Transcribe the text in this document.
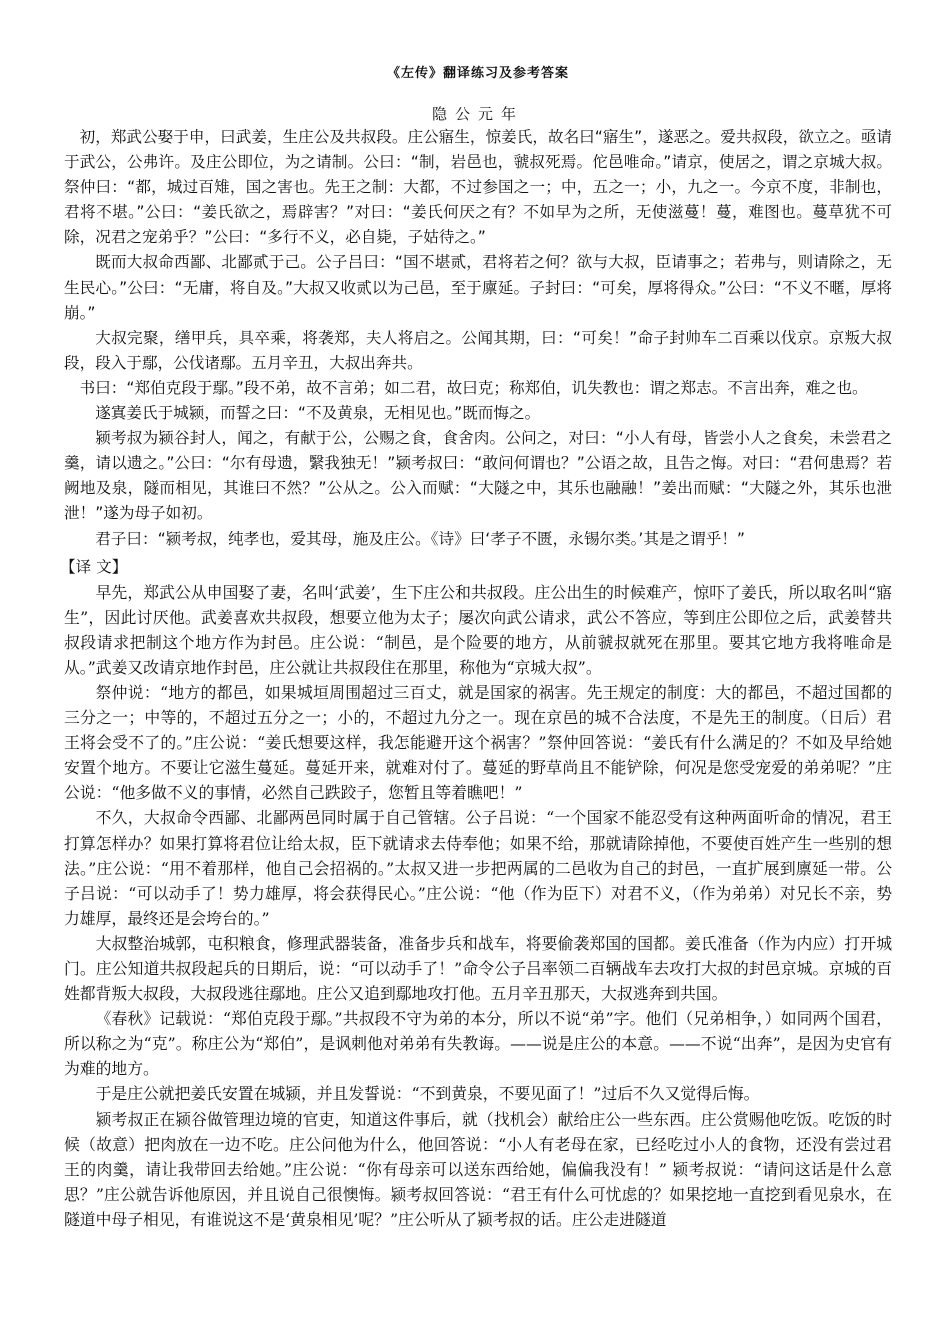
《左传》翻译练习及参考答案
隐公元年

初，郑武公娶于申，曰武姜，生庄公及共叔段。庄公寤生，惊姜氏，故名曰“寤生”，遂恶之。爱共叔段，欲立之。亟请于武公，公弗许。及庄公即位，为之请制。公曰：“制，岩邑也，虢叔死焉。佗邑唯命。”请京，使居之，谓之京城大叔。祭仲曰：“都，城过百雉，国之害也。先王之制：大都，不过参国之一；中，五之一；小，九之一。今京不度，非制也，君将不堪。”公曰：“姜氏欲之，焉辟害？”对曰：“姜氏何厌之有？不如早为之所，无使滋蔓！蔓，难图也。蔓草犹不可除，况君之宠弟乎？”公曰：“多行不义，必自毙，子姑待之。”

既而大叔命西鄙、北鄙贰于己。公子吕曰：“国不堪贰，君将若之何？欲与大叔，臣请事之；若弗与，则请除之，无生民心。”公曰：“无庸，将自及。”大叔又收贰以为己邑，至于廪延。子封曰：“可矣，厚将得众。”公曰：“不义不暱，厚将崩。”

大叔完聚，缮甲兵，具卒乘，将袭郑，夫人将启之。公闻其期，曰：“可矣！”命子封帅车二百乘以伐京。京叛大叔段，段入于鄢，公伐诸鄢。五月辛丑，大叔出奔共。

书曰：“郑伯克段于鄢。”段不弟，故不言弟；如二君，故曰克；称郑伯，讥失教也：谓之郑志。不言出奔，难之也。

遂寘姜氏于城颍，而誓之曰：“不及黄泉，无相见也。”既而悔之。

颍考叔为颍谷封人，闻之，有献于公，公赐之食，食舍肉。公问之，对曰：“小人有母，皆尝小人之食矣，未尝君之羹，请以遗之。”公曰：“尔有母遗，繄我独无！”颍考叔曰：“敢问何谓也？”公语之故，且告之悔。对曰：“君何患焉？若阙地及泉，隧而相见，其谁曰不然？”公从之。公入而赋：“大隧之中，其乐也融融！”姜出而赋：“大隧之外，其乐也泄泄！”遂为母子如初。

君子曰：“颍考叔，纯孝也，爱其母，施及庄公。《诗》曰‘孝子不匮，永锡尔类。’其是之谓乎！”

【译 文】

早先，郑武公从申国娶了妻，名叫‘武姜’，生下庄公和共叔段。庄公出生的时候难产，惊吓了姜氏，所以取名叫“寤生”，因此讨厌他。武姜喜欢共叔段，想要立他为太子；屡次向武公请求，武公不答应，等到庄公即位之后，武姜替共叔段请求把制这个地方作为封邑。庄公说：“制邑，是个险要的地方，从前虢叔就死在那里。要其它地方我将唯命是从。”武姜又改请京地作封邑，庄公就让共叔段住在那里，称他为“京城大叔”。

祭仲说：“地方的都邑，如果城垣周围超过三百丈，就是国家的祸害。先王规定的制度：大的都邑，不超过国都的三分之一；中等的，不超过五分之一；小的，不超过九分之一。现在京邑的城不合法度，不是先王的制度。（日后）君王将会受不了的。”庄公说：“姜氏想要这样，我怎能避开这个祸害？”祭仲回答说：“姜氏有什么满足的？不如及早给她安置个地方。不要让它滋生蔓延。蔓延开来，就难对付了。蔓延的野草尚且不能铲除，何况是您受宠爱的弟弟呢？”庄公说：“他多做不义的事情，必然自己跌跤子，您暂且等着瞧吧！”

不久，大叔命令西鄙、北鄙两邑同时属于自己管辖。公子吕说：“一个国家不能忍受有这种两面听命的情况，君王打算怎样办？如果打算将君位让给太叔，臣下就请求去侍奉他；如果不给，那就请除掉他，不要使百姓产生一些别的想法。”庄公说：“用不着那样，他自己会招祸的。”太叔又进一步把两属的二邑收为自己的封邑，一直扩展到廪延一带。公子吕说：“可以动手了！势力雄厚，将会获得民心。”庄公说：“他（作为臣下）对君不义，（作为弟弟）对兄长不亲，势力雄厚，最终还是会垮台的。”

大叔整治城郭，屯积粮食，修理武器装备，准备步兵和战车，将要偷袭郑国的国都。姜氏准备（作为内应）打开城门。庄公知道共叔段起兵的日期后，说：“可以动手了！”命令公子吕率领二百辆战车去攻打大叔的封邑京城。京城的百姓都背叛大叔段，大叔段逃往鄢地。庄公又追到鄢地攻打他。五月辛丑那天，大叔逃奔到共国。

《春秋》记载说：“郑伯克段于鄢。”共叔段不守为弟的本分，所以不说“弟”字。他们（兄弟相争，）如同两个国君，所以称之为“克”。称庄公为“郑伯”，是讽刺他对弟弟有失教诲。——说是庄公的本意。——不说“出奔”，是因为史官有为难的地方。

于是庄公就把姜氏安置在城颍，并且发誓说：“不到黄泉，不要见面了！”过后不久又觉得后悔。

颍考叔正在颍谷做管理边境的官吏，知道这件事后，就（找机会）献给庄公一些东西。庄公赏赐他吃饭。吃饭的时候（故意）把肉放在一边不吃。庄公问他为什么，他回答说：“小人有老母在家，已经吃过小人的食物，还没有尝过君王的肉羹，请让我带回去给她。”庄公说：“你有母亲可以送东西给她，偏偏我没有！” 颍考叔说：“请问这话是什么意思？”庄公就告诉他原因，并且说自己很懊悔。颍考叔回答说：“君王有什么可忧虑的？如果挖地一直挖到看见泉水，在隧道中母子相见，有谁说这不是‘黄泉相见’呢？”庄公听从了颍考叔的话。庄公走进隧道
